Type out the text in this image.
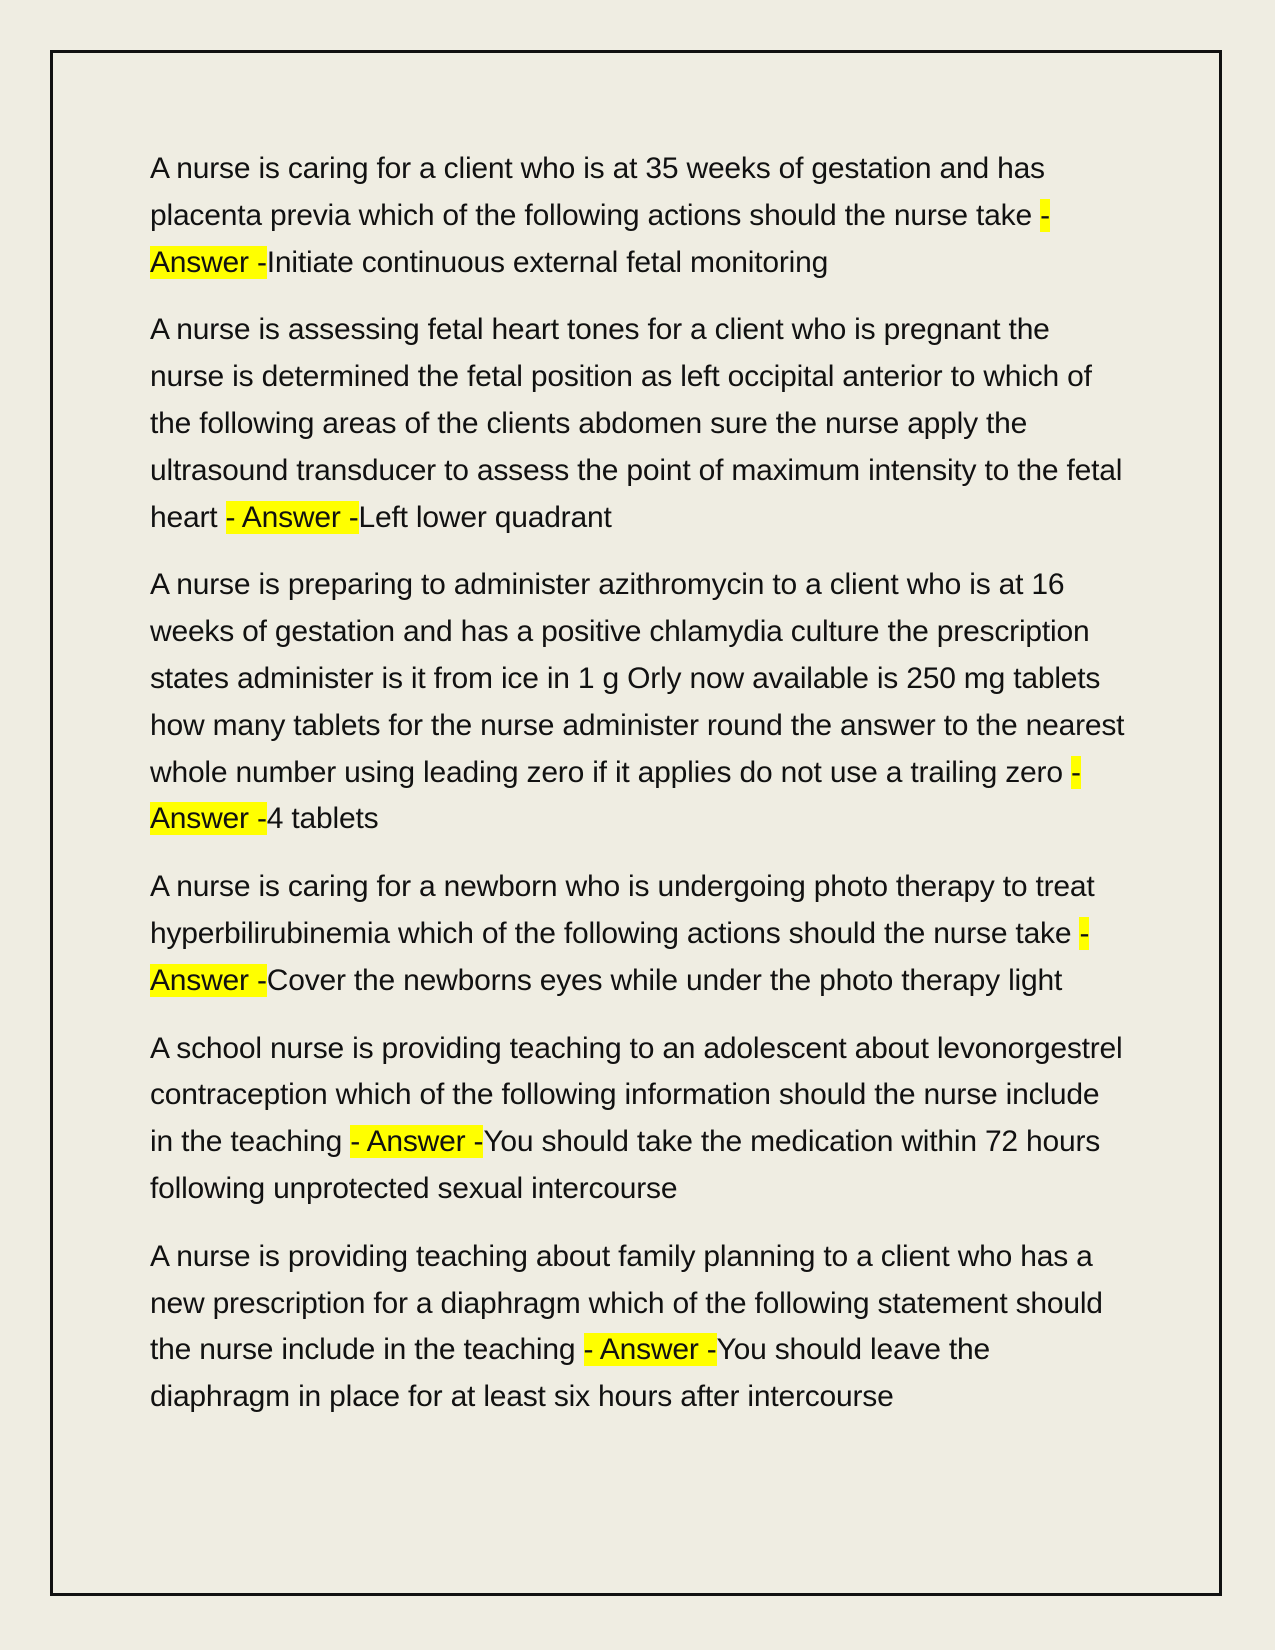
A nurse is caring for a client who is at 35 weeks of gestation and has placenta previa which of the following actions should the nurse take - Answer -Initiate continuous external fetal monitoring

A nurse is assessing fetal heart tones for a client who is pregnant the nurse is determined the fetal position as left occipital anterior to which of the following areas of the clients abdomen sure the nurse apply the ultrasound transducer to assess the point of maximum intensity to the fetal heart - Answer -Left lower quadrant

A nurse is preparing to administer azithromycin to a client who is at 16 weeks of gestation and has a positive chlamydia culture the prescription states administer is it from ice in 1 g Orly now available is 250 mg tablets how many tablets for the nurse administer round the answer to the nearest whole number using leading zero if it applies do not use a trailing zero - Answer -4 tablets

A nurse is caring for a newborn who is undergoing photo therapy to treat hyperbilirubinemia which of the following actions should the nurse take - Answer -Cover the newborns eyes while under the photo therapy light

A school nurse is providing teaching to an adolescent about levonorgestrel contraception which of the following information should the nurse include in the teaching - Answer -You should take the medication within 72 hours following unprotected sexual intercourse

A nurse is providing teaching about family planning to a client who has a new prescription for a diaphragm which of the following statement should the nurse include in the teaching - Answer -You should leave the diaphragm in place for at least six hours after intercourse
